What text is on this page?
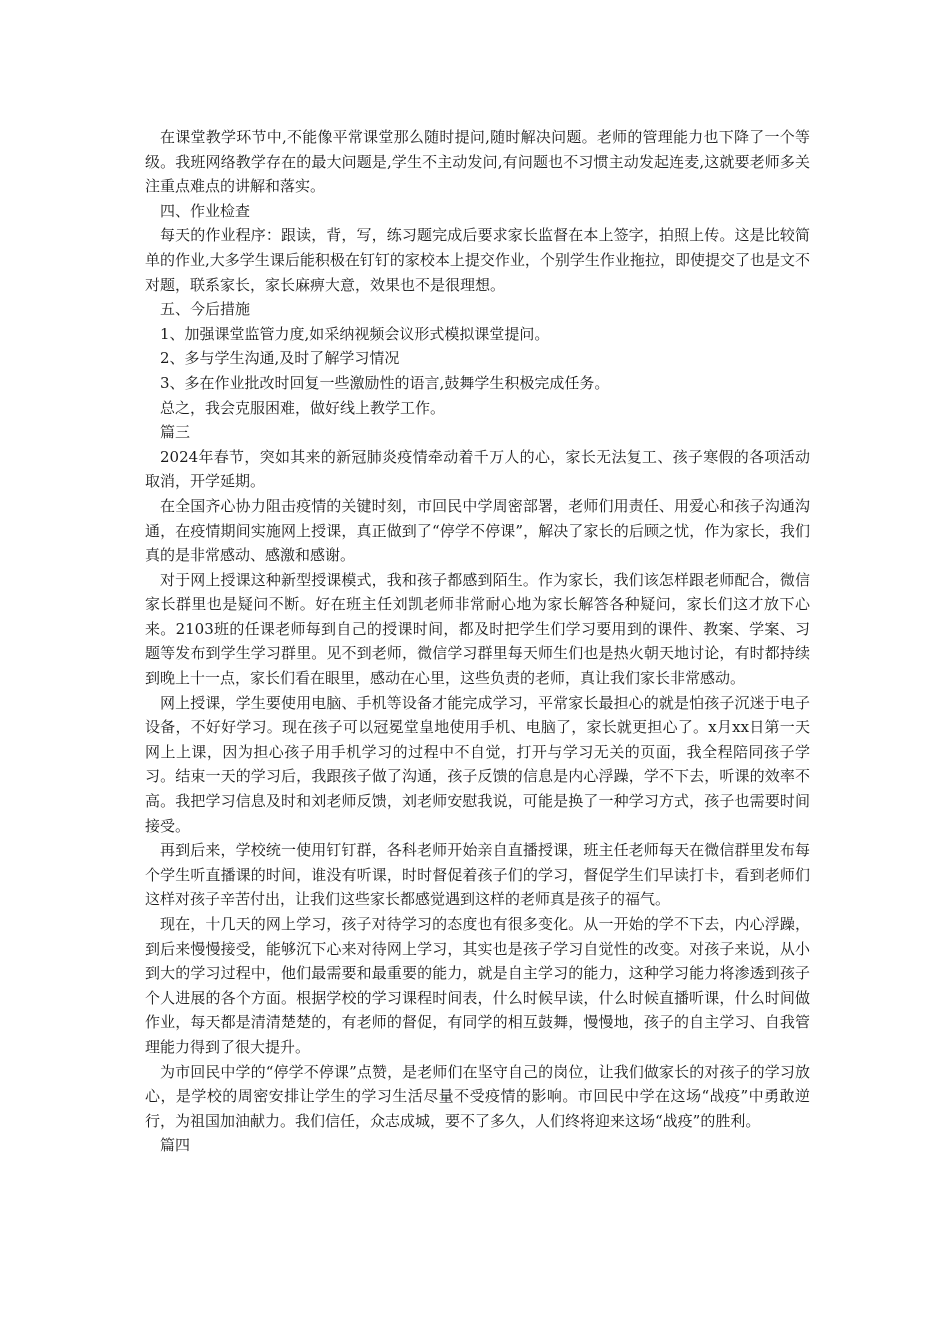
在课堂教学环节中,不能像平常课堂那么随时提问,随时解决问题。老师的管理能力也下降了一个等级。我班网络教学存在的最大问题是,学生不主动发问,有问题也不习惯主动发起连麦,这就要老师多关注重点难点的讲解和落实。

四、作业检查

每天的作业程序：跟读，背，写，练习题完成后要求家长监督在本上签字，拍照上传。这是比较简单的作业,大多学生课后能积极在钉钉的家校本上提交作业，个别学生作业拖拉，即使提交了也是文不对题，联系家长，家长麻痹大意，效果也不是很理想。

五、今后措施

1、加强课堂监管力度,如采纳视频会议形式模拟课堂提问。

2、多与学生沟通,及时了解学习情况

3、多在作业批改时回复一些激励性的语言,鼓舞学生积极完成任务。

总之，我会克服困难，做好线上教学工作。

篇三

2024年春节，突如其来的新冠肺炎疫情牵动着千万人的心，家长无法复工、孩子寒假的各项活动取消，开学延期。

在全国齐心协力阻击疫情的关键时刻，市回民中学周密部署，老师们用责任、用爱心和孩子沟通沟通，在疫情期间实施网上授课，真正做到了“停学不停课”，解决了家长的后顾之忧，作为家长，我们真的是非常感动、感激和感谢。

对于网上授课这种新型授课模式，我和孩子都感到陌生。作为家长，我们该怎样跟老师配合，微信家长群里也是疑问不断。好在班主任刘凯老师非常耐心地为家长解答各种疑问，家长们这才放下心来。2103班的任课老师每到自己的授课时间，都及时把学生们学习要用到的课件、教案、学案、习题等发布到学生学习群里。见不到老师，微信学习群里每天师生们也是热火朝天地讨论，有时都持续到晚上十一点，家长们看在眼里，感动在心里，这些负责的老师，真让我们家长非常感动。

网上授课，学生要使用电脑、手机等设备才能完成学习，平常家长最担心的就是怕孩子沉迷于电子设备，不好好学习。现在孩子可以冠冕堂皇地使用手机、电脑了，家长就更担心了。x月xx日第一天网上上课，因为担心孩子用手机学习的过程中不自觉，打开与学习无关的页面，我全程陪同孩子学习。结束一天的学习后，我跟孩子做了沟通，孩子反馈的信息是内心浮躁，学不下去，听课的效率不高。我把学习信息及时和刘老师反馈，刘老师安慰我说，可能是换了一种学习方式，孩子也需要时间接受。

再到后来，学校统一使用钉钉群，各科老师开始亲自直播授课，班主任老师每天在微信群里发布每个学生听直播课的时间，谁没有听课，时时督促着孩子们的学习，督促学生们早读打卡，看到老师们这样对孩子辛苦付出，让我们这些家长都感觉遇到这样的老师真是孩子的福气。

现在，十几天的网上学习，孩子对待学习的态度也有很多变化。从一开始的学不下去，内心浮躁，到后来慢慢接受，能够沉下心来对待网上学习，其实也是孩子学习自觉性的改变。对孩子来说，从小到大的学习过程中，他们最需要和最重要的能力，就是自主学习的能力，这种学习能力将渗透到孩子个人进展的各个方面。根据学校的学习课程时间表，什么时候早读，什么时候直播听课，什么时间做作业，每天都是清清楚楚的，有老师的督促，有同学的相互鼓舞，慢慢地，孩子的自主学习、自我管理能力得到了很大提升。

为市回民中学的“停学不停课”点赞，是老师们在坚守自己的岗位，让我们做家长的对孩子的学习放心，是学校的周密安排让学生的学习生活尽量不受疫情的影响。市回民中学在这场“战疫”中勇敢逆行，为祖国加油献力。我们信任，众志成城，要不了多久，人们终将迎来这场“战疫”的胜利。

篇四
